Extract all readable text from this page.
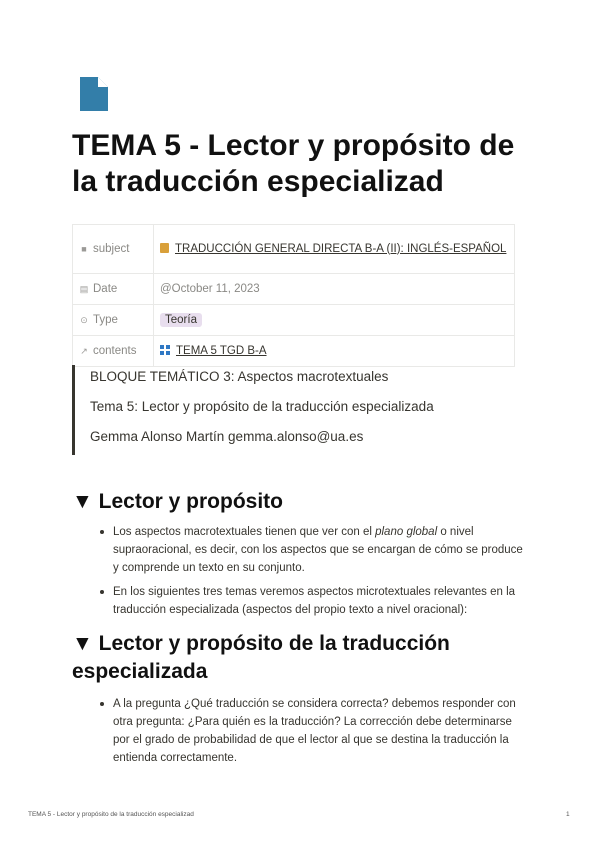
TEMA 5 - Lector y propósito de la traducción especializad
■ subject	TRADUCCIÓN GENERAL DIRECTA B-A (II): INGLÉS-ESPAÑOL
▤ Date	@October 11, 2023
⊙ Type	Teoría
↗ contents	TEMA 5 TGD B-A

BLOQUE TEMÁTICO 3: Aspectos macrotextuales

Tema 5: Lector y propósito de la traducción especializada

Gemma Alonso Martín gemma.alonso@ua.es

▼ Lector y propósito
Los aspectos macrotextuales tienen que ver con el plano global o nivel supraoracional, es decir, con los aspectos que se encargan de cómo se produce y comprende un texto en su conjunto.
En los siguientes tres temas veremos aspectos microtextuales relevantes en la traducción especializada (aspectos del propio texto a nivel oracional):
▼ Lector y propósito de la traducción especializada
A la pregunta ¿Qué traducción se considera correcta? debemos responder con otra pregunta: ¿Para quién es la traducción? La corrección debe determinarse por el grado de probabilidad de que el lector al que se destina la traducción la entienda correctamente.
TEMA 5 - Lector y propósito de la traducción especializad	1
